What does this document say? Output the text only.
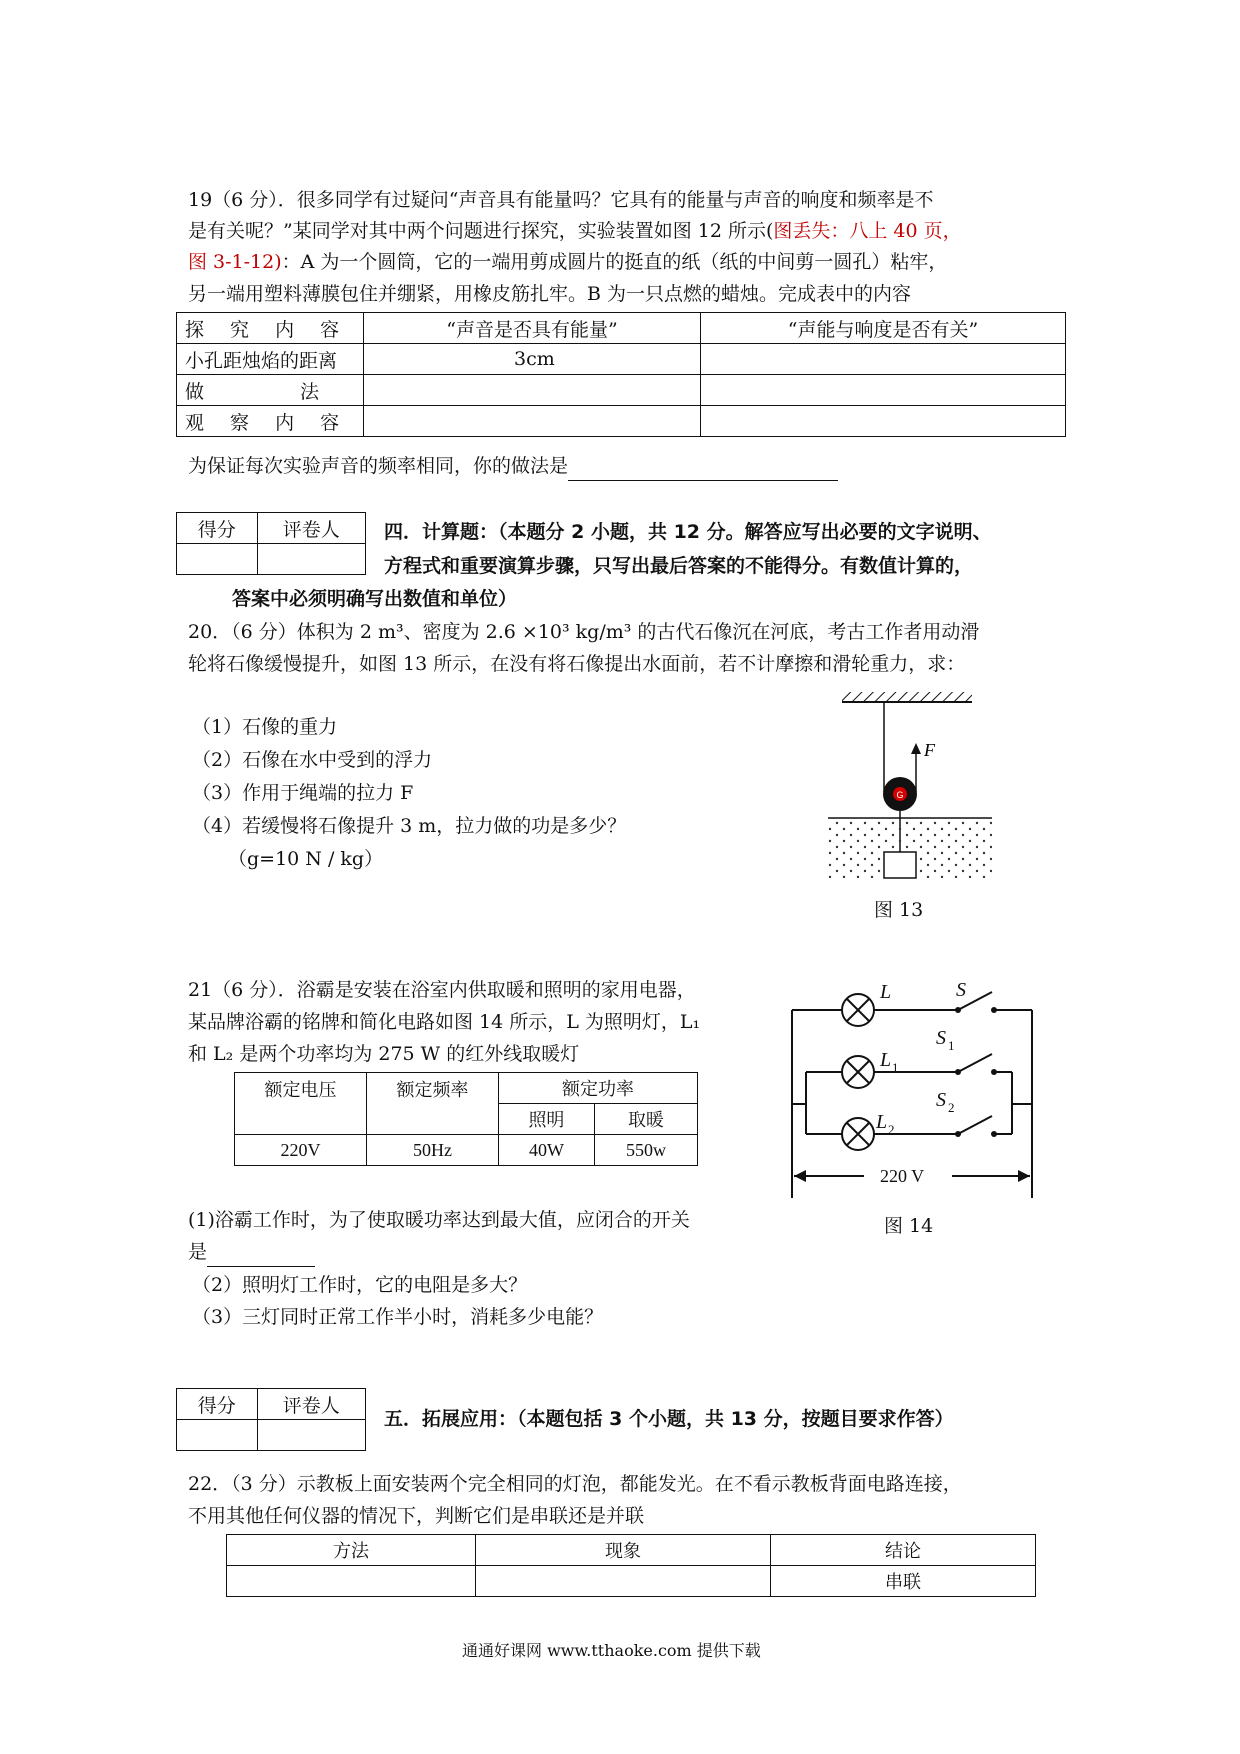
19（6 分）．很多同学有过疑问“声音具有能量吗？它具有的能量与声音的响度和频率是不
是有关呢？”某同学对其中两个问题进行探究，实验装置如图 12 所示(图丢失：八上 40 页，
图 3-1-12)：A 为一个圆筒，它的一端用剪成圆片的挺直的纸（纸的中间剪一圆孔）粘牢，
另一端用塑料薄膜包住并绷紧，用橡皮筋扎牢。B 为一只点燃的蜡烛。完成表中的内容
探 究 内 容	“声音是否具有能量”	“声能与响度是否有关”
小孔距烛焰的距离	3cm	
做 法		
观 察 内 容		
为保证每次实验声音的频率相同，你的做法是
得分	评卷人
	四．计算题：（本题分 2 小题，共 12 分。解答应写出必要的文字说明、
方程式和重要演算步骤，只写出最后答案的不能得分。有数值计算的，
答案中必须明确写出数值和单位）
20．（6 分）体积为 2 m³、密度为 2.6 ×10³ kg/m³ 的古代石像沉在河底，考古工作者用动滑
轮将石像缓慢提升，如图 13 所示，在没有将石像提出水面前，若不计摩擦和滑轮重力，求：
（1）石像的重力
（2）石像在水中受到的浮力
（3）作用于绳端的拉力 F
（4）若缓慢将石像提升 3 m，拉力做的功是多少？
（g=10 N / kg）
G
F
图 13
21（6 分）．浴霸是安装在浴室内供取暖和照明的家用电器，
某品牌浴霸的铭牌和简化电路如图 14 所示，L 为照明灯，L₁
和 L₂ 是两个功率均为 275 W 的红外线取暖灯
额定电压	额定频率	额定功率	
		照明	取暖
220V	50Hz	40W	550w
L	S
L 1
S 1
L 2
S 2
220 V
图 14
(1)浴霸工作时，为了使取暖功率达到最大值，应闭合的开关
是
（2）照明灯工作时，它的电阻是多大？
（3）三灯同时正常工作半小时，消耗多少电能？
得分	评卷人

五．拓展应用：（本题包括 3 个小题，共 13 分，按题目要求作答）
22．（3 分）示教板上面安装两个完全相同的灯泡，都能发光。在不看示教板背面电路连接，
不用其他任何仪器的情况下，判断它们是串联还是并联
方法	现象	结论
		串联
通通好课网 www.tthaoke.com 提供下载
